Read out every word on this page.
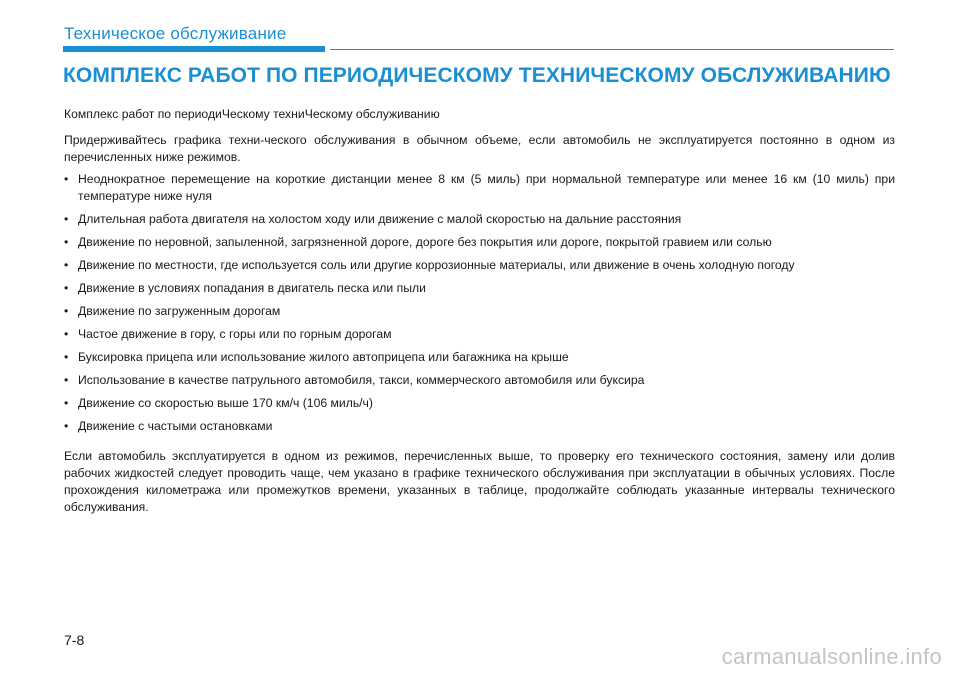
Техническое обслуживание
КОМПЛЕКС РАБОТ ПО ПЕРИОДИЧЕСКОМУ ТЕХНИЧЕСКОМУ ОБСЛУЖИВАНИЮ

Комплекс работ по периодиЧескому техниЧескому обслуживанию

Придерживайтесь графика техни-ческого обслуживания в обычном объеме, если автомобиль не эксплуатируется постоянно в одном из перечисленных ниже режимов.

• Неоднократное перемещение на короткие дистанции менее 8 км (5 миль) при нормальной температуре или менее 16 км (10 миль) при температуре ниже нуля
• Длительная работа двигателя на холостом ходу или движение с малой скоростью на дальние расстояния
• Движение по неровной, запыленной, загрязненной дороге, дороге без покрытия или дороге, покрытой гравием или солью
• Движение по местности, где используется соль или другие коррозионные материалы, или движение в очень холодную погоду
• Движение в условиях попадания в двигатель песка или пыли
• Движение по загруженным дорогам
• Частое движение в гору, с горы или по горным дорогам
• Буксировка прицепа или использование жилого автоприцепа или багажника на крыше
• Использование в качестве патрульного автомобиля, такси, коммерческого автомобиля или буксира
• Движение со скоростью выше 170 км/ч (106 миль/ч)
• Движение с частыми остановками

Если автомобиль эксплуатируется в одном из режимов, перечисленных выше, то проверку его технического состояния, замену или долив рабочих жидкостей следует проводить чаще, чем указано в графике технического обслуживания при эксплуатации в обычных условиях. После прохождения километража или промежутков времени, указанных в таблице, продолжайте соблюдать указанные интервалы технического обслуживания.

7-8
carmanualsonline.info
